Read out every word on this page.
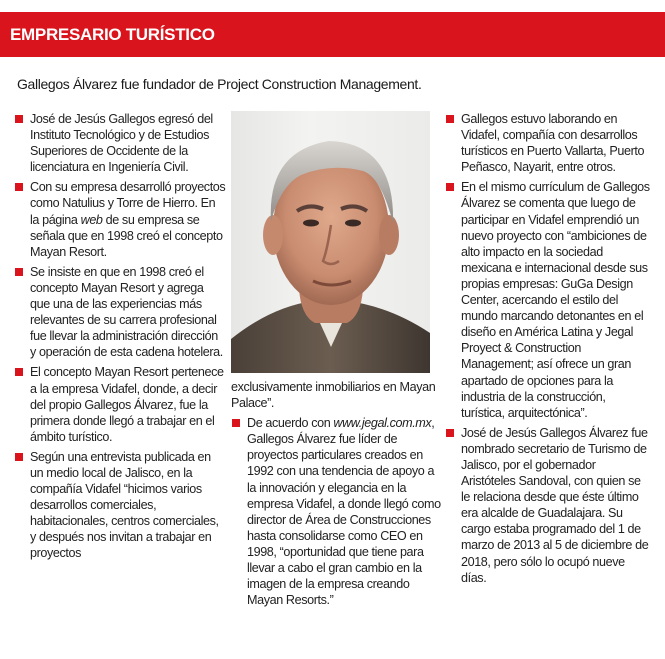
EMPRESARIO TURÍSTICO
Gallegos Álvarez fue fundador de Project Construction Management.
José de Jesús Gallegos egresó del Instituto Tecnológico y de Estudios Superiores de Occidente de la licenciatura en Ingeniería Civil.
Con su empresa desarrolló proyectos como Natulius y Torre de Hierro. En la página web de su empresa se señala que en 1998 creó el concepto Mayan Resort.
Se insiste en que en 1998 creó el concepto Mayan Resort y agrega que una de las experiencias más relevantes de su carrera profesional fue llevar la administración dirección y operación de esta cadena hotelera.
El concepto Mayan Resort pertenece a la empresa Vidafel, donde, a decir del propio Gallegos Álvarez, fue la primera donde llegó a trabajar en el ámbito turístico.
Según una entrevista publicada en un medio local de Jalisco, en la compañía Vidafel “hicimos varios desarrollos comerciales, habitacionales, centros comerciales, y después nos invitan a trabajar en proyectos
exclusivamente inmobiliarios en Mayan Palace”.
De acuerdo con www.jegal.com.mx, Gallegos Álvarez fue líder de proyectos particulares creados en 1992 con una tendencia de apoyo a la innovación y elegancia en la empresa Vidafel, a donde llegó como director de Área de Construcciones hasta consolidarse como CEO en 1998, “oportunidad que tiene para llevar a cabo el gran cambio en la imagen de la empresa creando Mayan Resorts.”
Gallegos estuvo laborando en Vidafel, compañía con desarrollos turísticos en Puerto Vallarta, Puerto Peñasco, Nayarit, entre otros.
En el mismo currículum de Gallegos Álvarez se comenta que luego de participar en Vidafel emprendió un nuevo proyecto con “ambiciones de alto impacto en la sociedad mexicana e internacional desde sus propias empresas: GuGa Design Center, acercando el estilo del mundo marcando detonantes en el diseño en América Latina y Jegal Proyect & Construction Management; así ofrece un gran apartado de opciones para la industria de la construcción, turística, arquitectónica”.
José de Jesús Gallegos Álvarez fue nombrado secretario de Turismo de Jalisco, por el gobernador Aristóteles Sandoval, con quien se le relaciona desde que éste último era alcalde de Guadalajara. Su cargo estaba programado del 1 de marzo de 2013 al 5 de diciembre de 2018, pero sólo lo ocupó nueve días.
